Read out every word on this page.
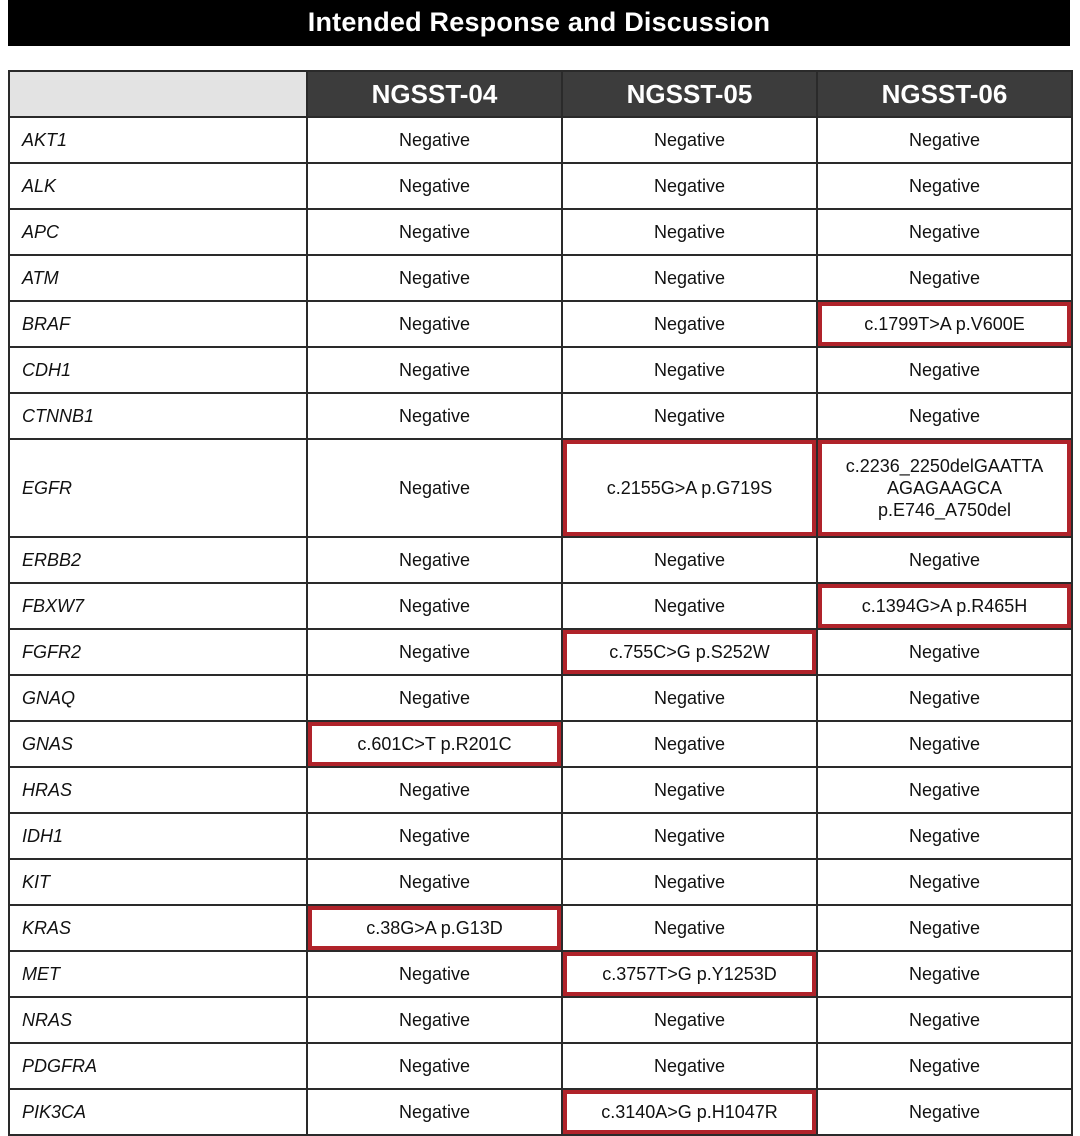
Intended Response and Discussion
	NGSST-04	NGSST-05	NGSST-06
AKT1	Negative	Negative	Negative
ALK	Negative	Negative	Negative
APC	Negative	Negative	Negative
ATM	Negative	Negative	Negative
BRAF	Negative	Negative	c.1799T>A p.V600E

CDH1	Negative	Negative	Negative
CTNNB1	Negative	Negative	Negative
EGFR	Negative	c.2155G>A p.G719S	c.2236_2250delGAATTA AGAGAAGCA p.E746_A750del

ERBB2	Negative	Negative	Negative
FBXW7	Negative	Negative	c.1394G>A p.R465H

FGFR2	Negative	c.755C>G p.S252W	Negative
GNAQ	Negative	Negative	Negative
GNAS	c.601C>T p.R201C	Negative	Negative
HRAS	Negative	Negative	Negative
IDH1	Negative	Negative	Negative
KIT	Negative	Negative	Negative
KRAS	c.38G>A p.G13D	Negative	Negative
MET	Negative	c.3757T>G p.Y1253D	Negative
NRAS	Negative	Negative	Negative
PDGFRA	Negative	Negative	Negative
PIK3CA	Negative	c.3140A>G p.H1047R	Negative
